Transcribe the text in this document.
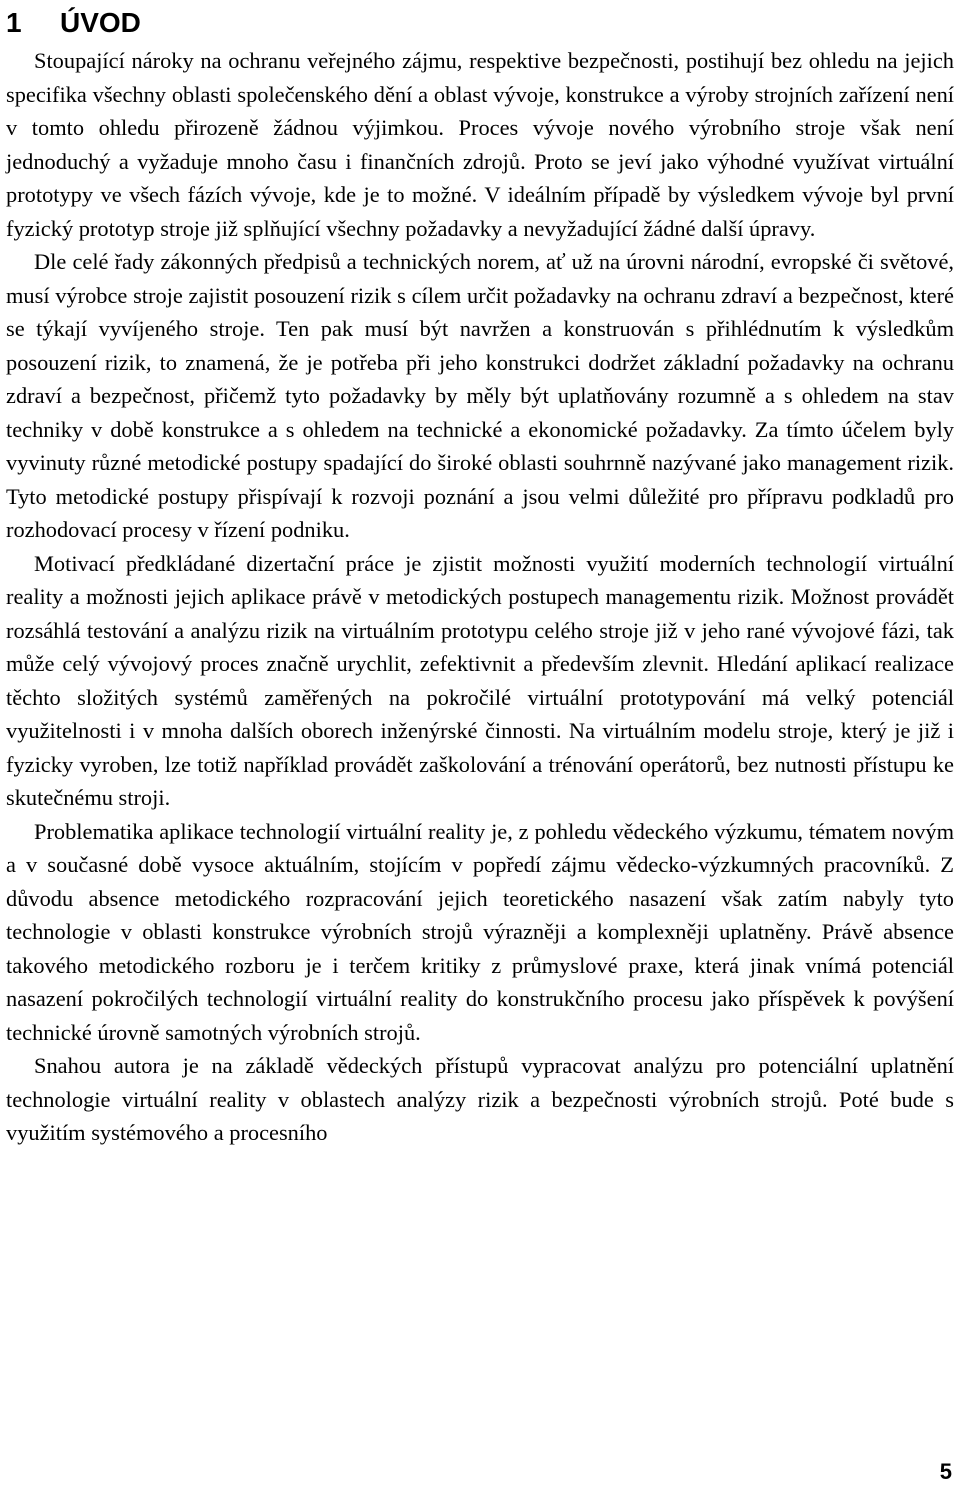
1 ÚVOD

Stoupající nároky na ochranu veřejného zájmu, respektive bezpečnosti, postihují bez ohledu na jejich specifika všechny oblasti společenského dění a oblast vývoje, konstrukce a výroby strojních zařízení není v tomto ohledu přirozeně žádnou výjimkou. Proces vývoje nového výrobního stroje však není jednoduchý a vyžaduje mnoho času i finančních zdrojů. Proto se jeví jako výhodné využívat virtuální prototypy ve všech fázích vývoje, kde je to možné. V ideálním případě by výsledkem vývoje byl první fyzický prototyp stroje již splňující všechny požadavky a nevyžadující žádné další úpravy.

Dle celé řady zákonných předpisů a technických norem, ať už na úrovni národní, evropské či světové, musí výrobce stroje zajistit posouzení rizik s cílem určit požadavky na ochranu zdraví a bezpečnost, které se týkají vyvíjeného stroje. Ten pak musí být navržen a konstruován s přihlédnutím k výsledkům posouzení rizik, to znamená, že je potřeba při jeho konstrukci dodržet základní požadavky na ochranu zdraví a bezpečnost, přičemž tyto požadavky by měly být uplatňovány rozumně a s ohledem na stav techniky v době konstrukce a s ohledem na technické a ekonomické požadavky. Za tímto účelem byly vyvinuty různé metodické postupy spadající do široké oblasti souhrnně nazývané jako management rizik. Tyto metodické postupy přispívají k rozvoji poznání a jsou velmi důležité pro přípravu podkladů pro rozhodovací procesy v řízení podniku.

Motivací předkládané dizertační práce je zjistit možnosti využití moderních technologií virtuální reality a možnosti jejich aplikace právě v metodických postupech managementu rizik. Možnost provádět rozsáhlá testování a analýzu rizik na virtuálním prototypu celého stroje již v jeho rané vývojové fázi, tak může celý vývojový proces značně urychlit, zefektivnit a především zlevnit. Hledání aplikací realizace těchto složitých systémů zaměřených na pokročilé virtuální prototypování má velký potenciál využitelnosti i v mnoha dalších oborech inženýrské činnosti. Na virtuálním modelu stroje, který je již i fyzicky vyroben, lze totiž například provádět zaškolování a trénování operátorů, bez nutnosti přístupu ke skutečnému stroji.

Problematika aplikace technologií virtuální reality je, z pohledu vědeckého výzkumu, tématem novým a v současné době vysoce aktuálním, stojícím v popředí zájmu vědecko-výzkumných pracovníků. Z důvodu absence metodického rozpracování jejich teoretického nasazení však zatím nabyly tyto technologie v oblasti konstrukce výrobních strojů výrazněji a komplexněji uplatněny. Právě absence takového metodického rozboru je i terčem kritiky z průmyslové praxe, která jinak vnímá potenciál nasazení pokročilých technologií virtuální reality do konstrukčního procesu jako příspěvek k povýšení technické úrovně samotných výrobních strojů.

Snahou autora je na základě vědeckých přístupů vypracovat analýzu pro potenciální uplatnění technologie virtuální reality v oblastech analýzy rizik a bezpečnosti výrobních strojů. Poté bude s využitím systémového a procesního

5
